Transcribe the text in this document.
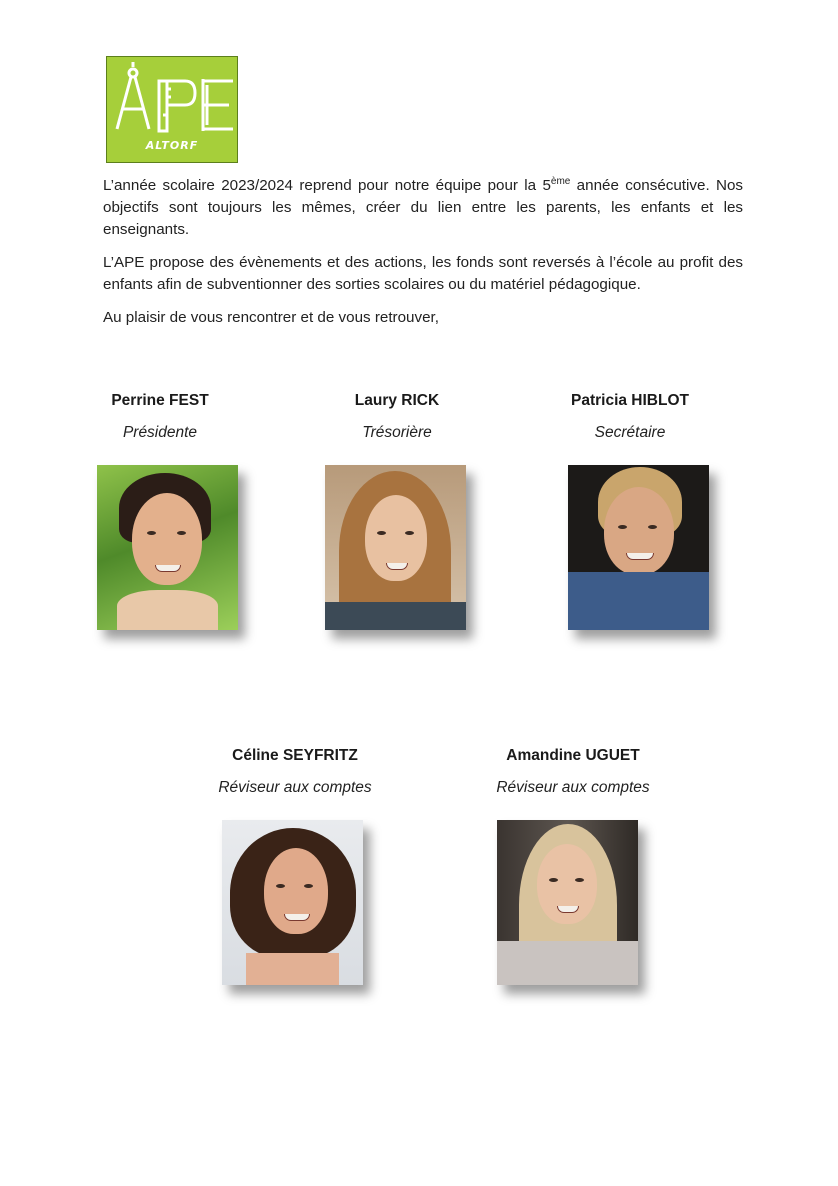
ALTORF

L’année scolaire 2023/2024 reprend pour notre équipe pour la 5ème année consécutive. Nos objectifs sont toujours les mêmes, créer du lien entre les parents, les enfants et les enseignants.

L’APE propose des évènements et des actions, les fonds sont reversés à l’école au profit des enfants afin de subventionner des sorties scolaires ou du matériel pédagogique.

Au plaisir de vous rencontrer et de vous retrouver,

Perrine FEST
Présidente
Laury RICK
Trésorière
Patricia HIBLOT
Secrétaire
Céline SEYFRITZ
Réviseur aux comptes
Amandine UGUET
Réviseur aux comptes
